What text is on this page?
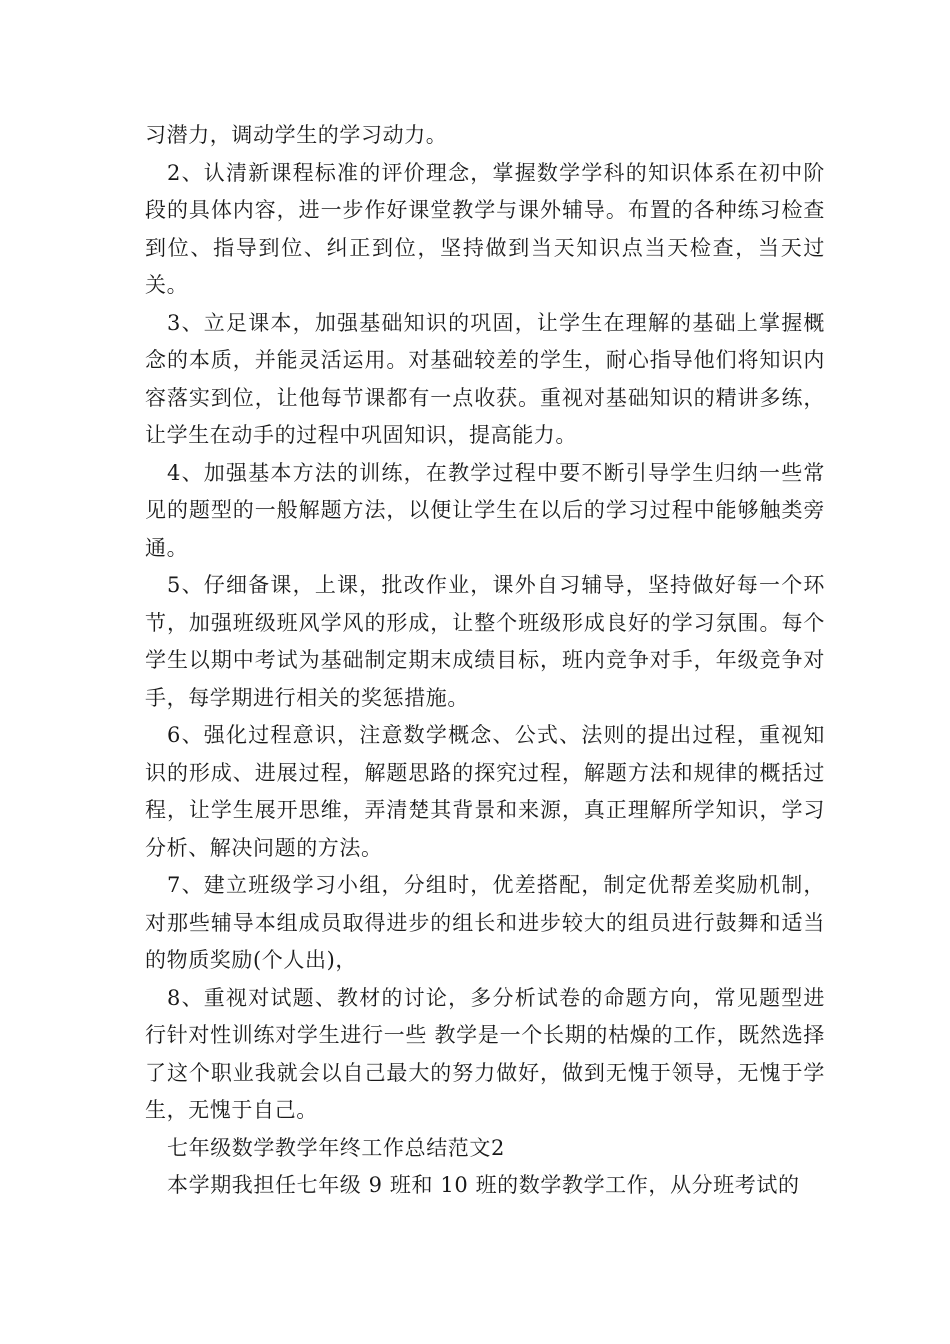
习潜力，调动学生的学习动力。

2、认清新课程标准的评价理念，掌握数学学科的知识体系在初中阶段的具体内容，进一步作好课堂教学与课外辅导。布置的各种练习检查到位、指导到位、纠正到位，坚持做到当天知识点当天检查，当天过关。

3、立足课本，加强基础知识的巩固，让学生在理解的基础上掌握概念的本质，并能灵活运用。对基础较差的学生，耐心指导他们将知识内容落实到位，让他每节课都有一点收获。重视对基础知识的精讲多练，让学生在动手的过程中巩固知识，提高能力。

4、加强基本方法的训练，在教学过程中要不断引导学生归纳一些常见的题型的一般解题方法，以便让学生在以后的学习过程中能够触类旁通。

5、仔细备课，上课，批改作业，课外自习辅导，坚持做好每一个环节，加强班级班风学风的形成，让整个班级形成良好的学习氛围。每个学生以期中考试为基础制定期末成绩目标，班内竞争对手，年级竞争对手，每学期进行相关的奖惩措施。

6、强化过程意识，注意数学概念、公式、法则的提出过程，重视知识的形成、进展过程，解题思路的探究过程，解题方法和规律的概括过程，让学生展开思维，弄清楚其背景和来源，真正理解所学知识，学习分析、解决问题的方法。

7、建立班级学习小组，分组时，优差搭配，制定优帮差奖励机制，对那些辅导本组成员取得进步的组长和进步较大的组员进行鼓舞和适当的物质奖励(个人出)，

8、重视对试题、教材的讨论，多分析试卷的命题方向，常见题型进行针对性训练对学生进行一些 教学是一个长期的枯燥的工作，既然选择了这个职业我就会以自己最大的努力做好，做到无愧于领导，无愧于学生，无愧于自己。

七年级数学教学年终工作总结范文2

本学期我担任七年级 9 班和 10 班的数学教学工作，从分班考试的
